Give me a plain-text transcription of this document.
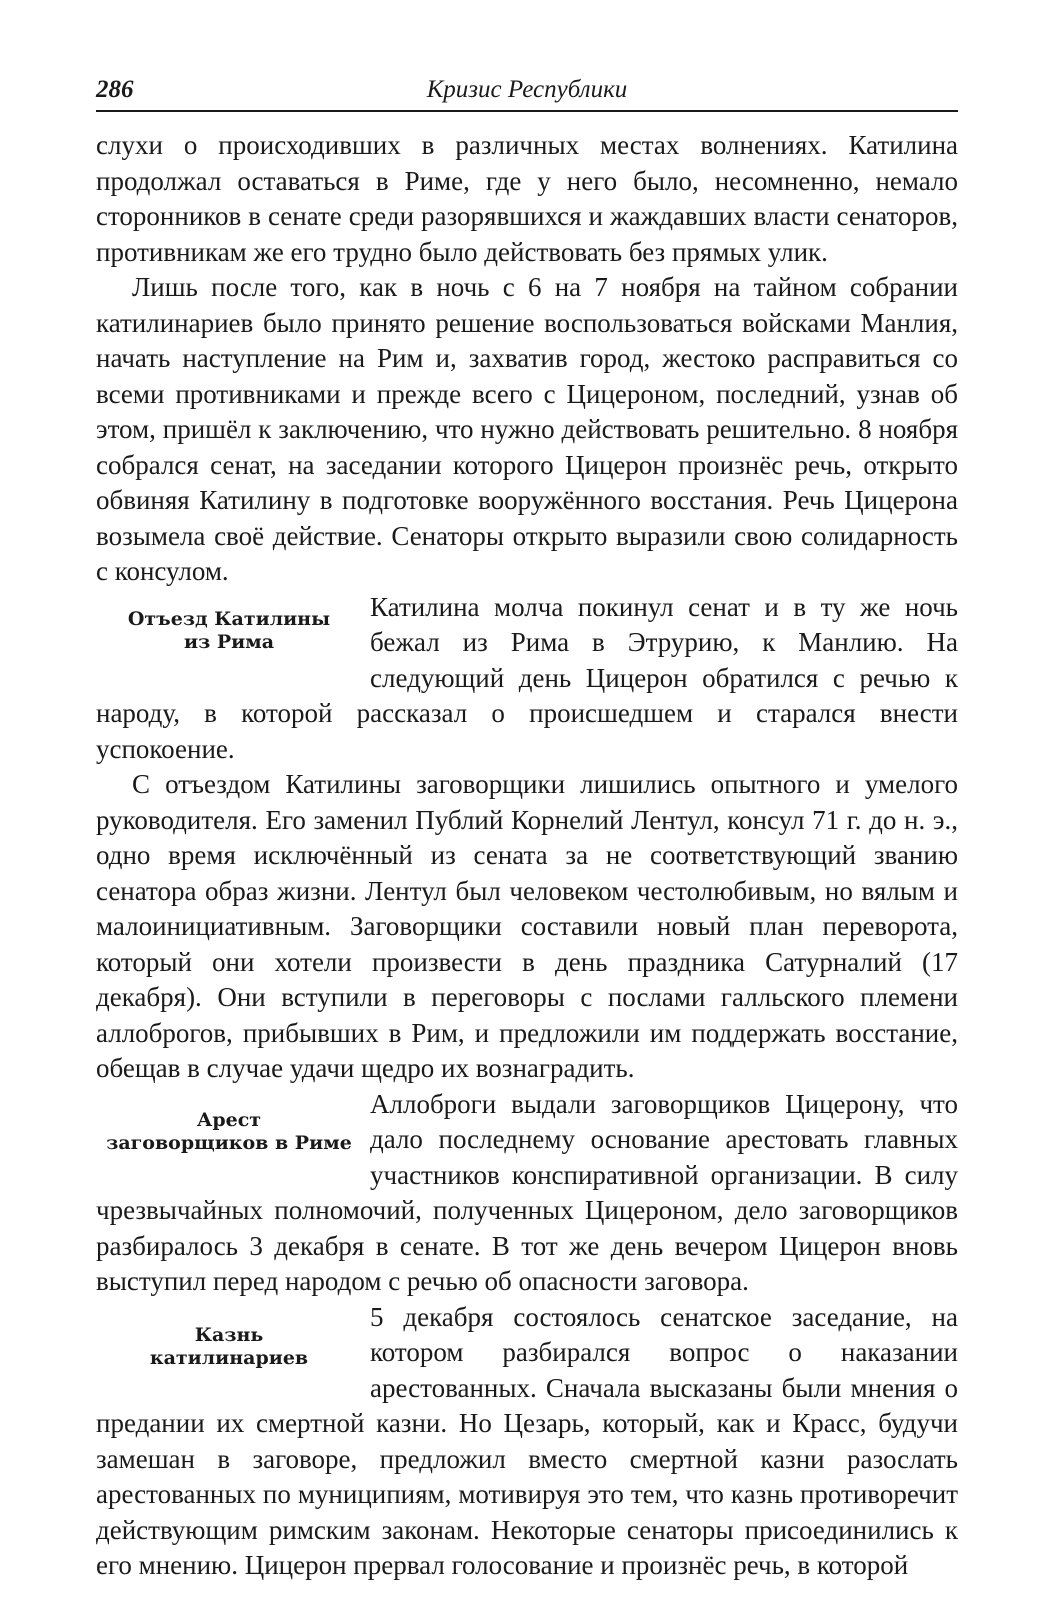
286	Кризис Республики

слухи о происходивших в различных местах волнениях. Катилина продолжал оставаться в Риме, где у него было, несомненно, немало сторонников в сенате среди разорявшихся и жаждавших власти сенаторов, противникам же его трудно было действовать без прямых улик.

Лишь после того, как в ночь с 6 на 7 ноября на тайном собрании катилинариев было принято решение воспользоваться войсками Манлия, начать наступление на Рим и, захватив город, жестоко расправиться со всеми противниками и прежде всего с Цицероном, последний, узнав об этом, пришёл к заключению, что нужно действовать решительно. 8 ноября собрался сенат, на заседании которого Цицерон произнёс речь, открыто обвиняя Катилину в подготовке вооружённого восстания. Речь Цицерона возымела своё действие. Сенаторы открыто выразили свою солидарность с консулом.

Отъезд Катилины
из Рима

Катилина молча покинул сенат и в ту же ночь бежал из Рима в Этрурию, к Манлию. На следующий день Цицерон обратился с речью к народу, в которой рассказал о происшедшем и старался внести успокоение.

С отъездом Катилины заговорщики лишились опытного и умелого руководителя. Его заменил Публий Корнелий Лентул, консул 71 г. до н. э., одно время исключённый из сената за не соответствующий званию сенатора образ жизни. Лентул был человеком честолюбивым, но вялым и малоинициативным. Заговорщики составили новый план переворота, который они хотели произвести в день праздника Сатурналий (17 декабря). Они вступили в переговоры с послами галльского племени аллоброгов, прибывших в Рим, и предложили им поддержать восстание, обещав в случае удачи щедро их вознаградить.

Арест
заговорщиков в Риме

Аллоброги выдали заговорщиков Цицерону, что дало последнему основание арестовать главных участников конспиративной организации. В силу чрезвычайных полномочий, полученных Цицероном, дело заговорщиков разбиралось 3 декабря в сенате. В тот же день вечером Цицерон вновь выступил перед народом с речью об опасности заговора.

Казнь
катилинариев

5 декабря состоялось сенатское заседание, на котором разбирался вопрос о наказании арестованных. Сначала высказаны были мнения о предании их смертной казни. Но Цезарь, который, как и Красс, будучи замешан в заговоре, предложил вместо смертной казни разослать арестованных по муниципиям, мотивируя это тем, что казнь противоречит действующим римским законам. Некоторые сенаторы присоединились к его мнению. Цицерон прервал голосование и произнёс речь, в которой
